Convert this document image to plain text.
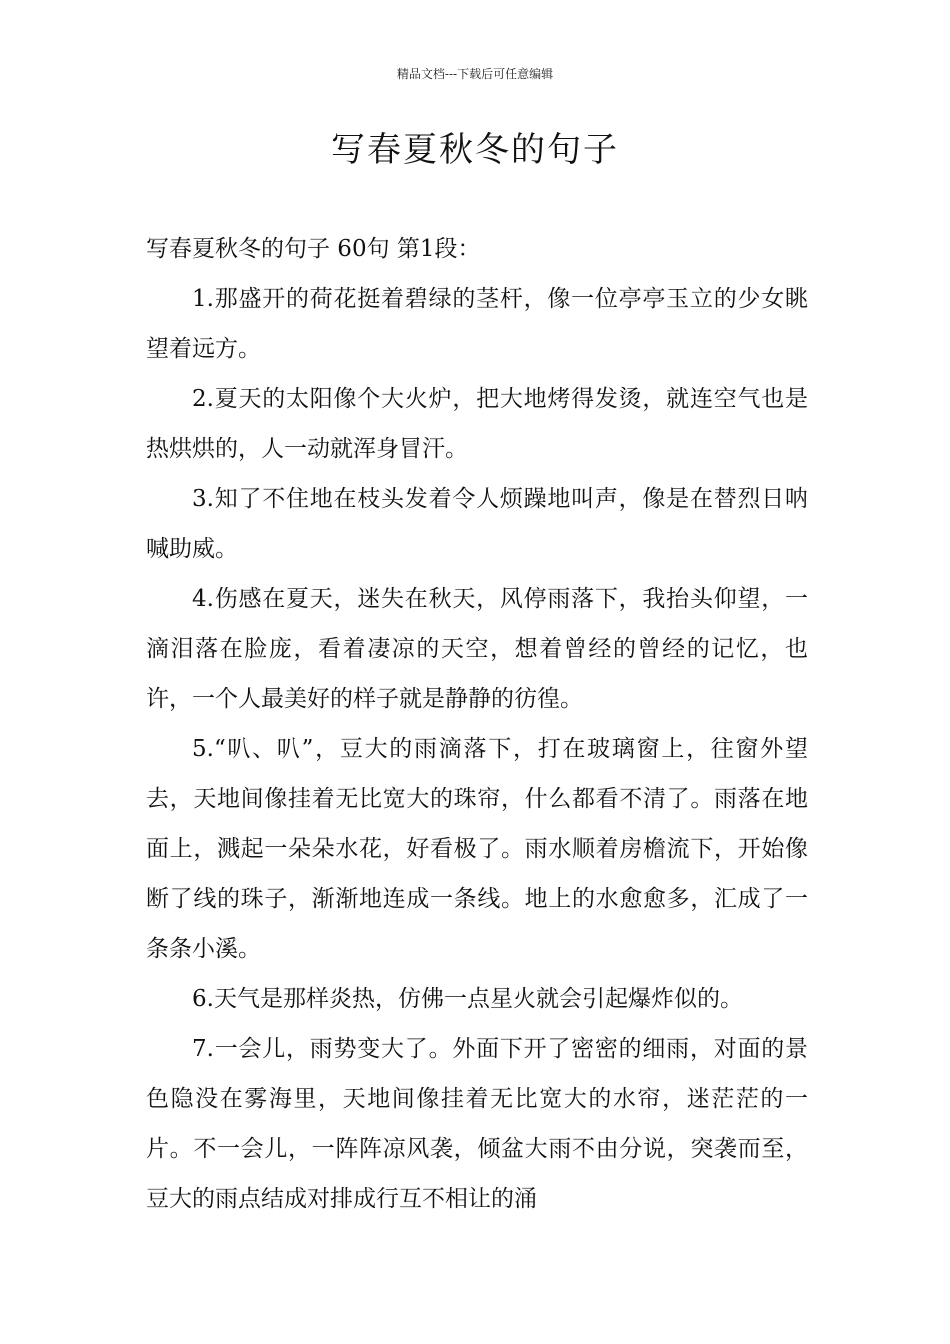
精品文档---下载后可任意编辑
写春夏秋冬的句子

写春夏秋冬的句子 60句 第1段：

1.那盛开的荷花挺着碧绿的茎杆，像一位亭亭玉立的少女眺望着远方。

2.夏天的太阳像个大火炉，把大地烤得发烫，就连空气也是热烘烘的，人一动就浑身冒汗。

3.知了不住地在枝头发着令人烦躁地叫声，像是在替烈日呐喊助威。

4.伤感在夏天，迷失在秋天，风停雨落下，我抬头仰望，一滴泪落在脸庞，看着凄凉的天空，想着曾经的曾经的记忆，也许，一个人最美好的样子就是静静的彷徨。

5.“叭、叭”，豆大的雨滴落下，打在玻璃窗上，往窗外望去，天地间像挂着无比宽大的珠帘，什么都看不清了。雨落在地面上，溅起一朵朵水花，好看极了。雨水顺着房檐流下，开始像断了线的珠子，渐渐地连成一条线。地上的水愈愈多，汇成了一条条小溪。

6.天气是那样炎热，仿佛一点星火就会引起爆炸似的。

7.一会儿，雨势变大了。外面下开了密密的细雨，对面的景色隐没在雾海里，天地间像挂着无比宽大的水帘，迷茫茫的一片。不一会儿，一阵阵凉风袭，倾盆大雨不由分说，突袭而至，豆大的雨点结成对排成行互不相让的涌
